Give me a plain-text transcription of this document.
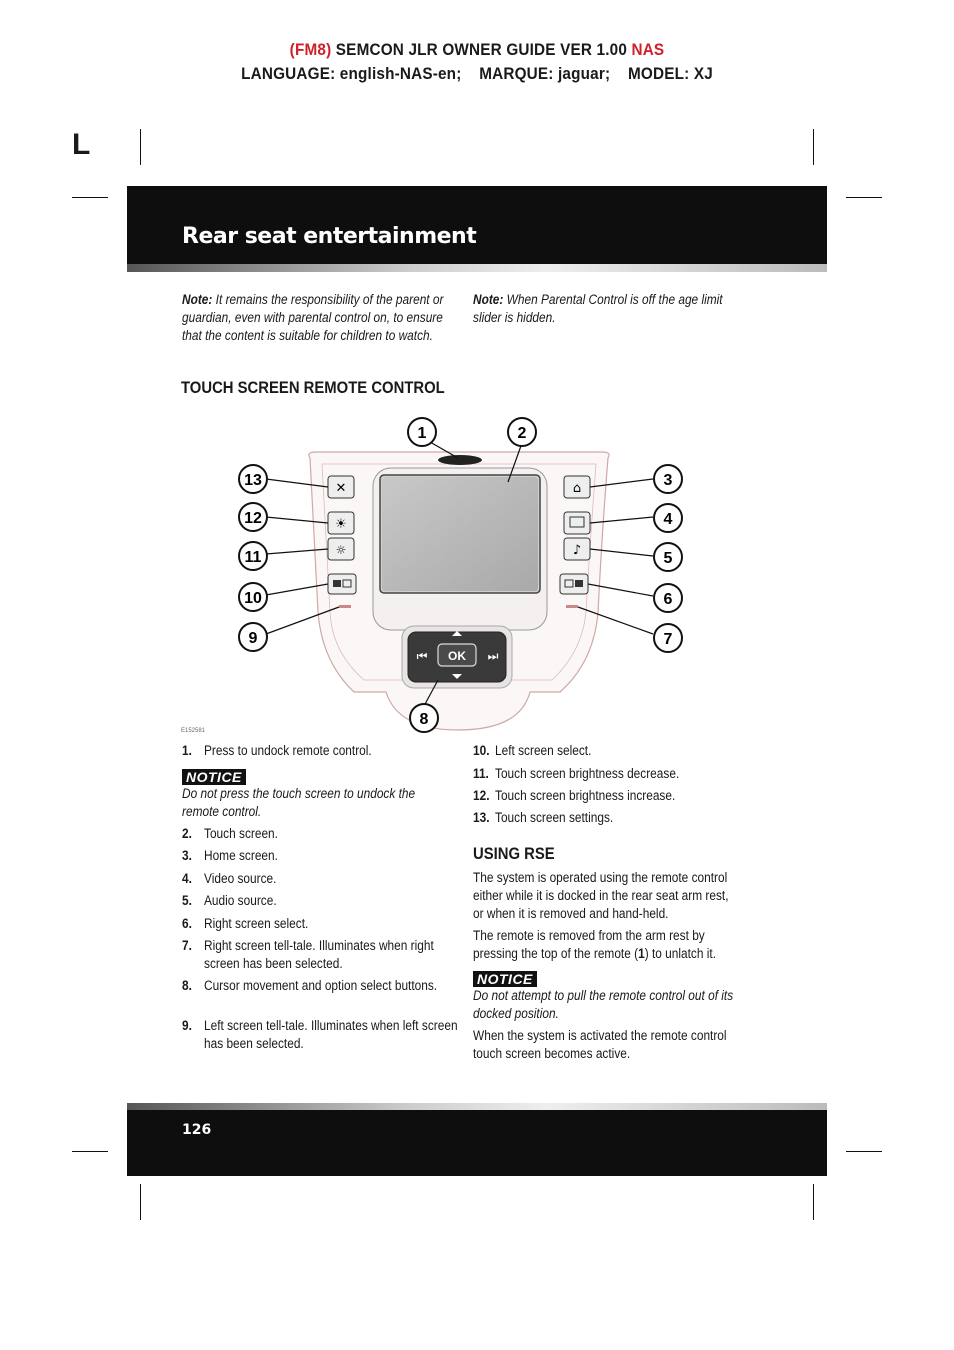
(FM8) SEMCON JLR OWNER GUIDE VER 1.00 NAS
LANGUAGE: english-NAS-en;    MARQUE: jaguar;    MODEL: XJ
L
Rear seat entertainment
Note: It remains the responsibility of the parent or guardian, even with parental control on, to ensure that the content is suitable for children to watch.
Note: When Parental Control is off the age limit slider is hidden.
TOUCH SCREEN REMOTE CONTROL
✕
☀
☼
⌂
♪
OK
⏮	⏭
1	2
3
4
5
6
7
8
9
10
11
12
13
E152581
1. Press to undock remote control.
2. Touch screen.
3. Home screen.
4. Video source.
5. Audio source.
6. Right screen select.
7. Right screen tell-tale. Illuminates when right screen has been selected.
8. Cursor movement and option select buttons.
9. Left screen tell-tale. Illuminates when left screen has been selected.
NOTICE
Do not press the touch screen to undock the remote control.
10. Left screen select.
11. Touch screen brightness decrease.
12. Touch screen brightness increase.
13. Touch screen settings.
USING RSE
The system is operated using the remote control either while it is docked in the rear seat arm rest, or when it is removed and hand-held.
The remote is removed from the arm rest by pressing the top of the remote (1) to unlatch it.
NOTICE
Do not attempt to pull the remote control out of its docked position.
When the system is activated the remote control touch screen becomes active.
126
